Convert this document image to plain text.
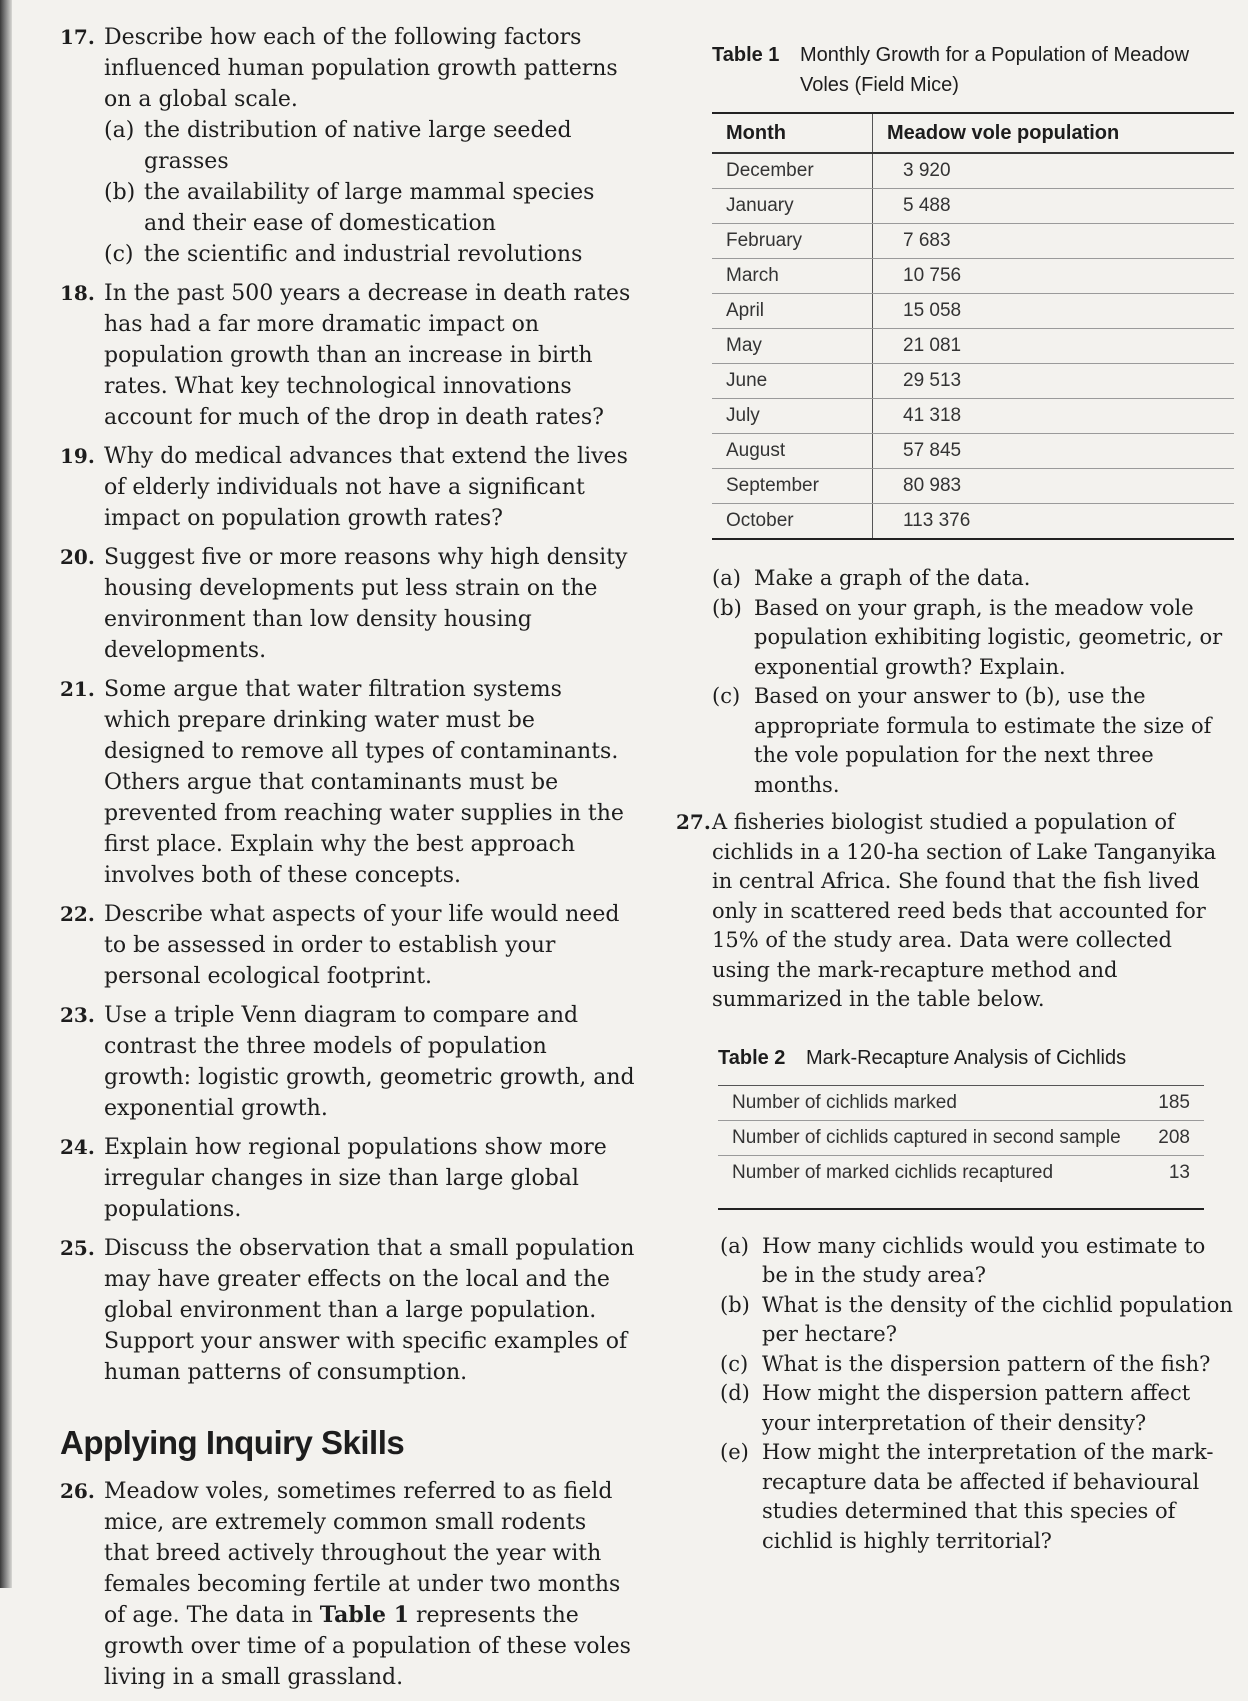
17. Describe how each of the following factors influenced human population growth patterns on a global scale.
(a) the distribution of native large seeded grasses
(b) the availability of large mammal species and their ease of domestication
(c) the scientific and industrial revolutions
18. In the past 500 years a decrease in death rates has had a far more dramatic impact on population growth than an increase in birth rates. What key technological innovations account for much of the drop in death rates?
19. Why do medical advances that extend the lives of elderly individuals not have a significant impact on population growth rates?
20. Suggest five or more reasons why high density housing developments put less strain on the environment than low density housing developments.
21. Some argue that water filtration systems which prepare drinking water must be designed to remove all types of contaminants. Others argue that contaminants must be prevented from reaching water supplies in the first place. Explain why the best approach involves both of these concepts.
22. Describe what aspects of your life would need to be assessed in order to establish your personal ecological footprint.
23. Use a triple Venn diagram to compare and contrast the three models of population growth: logistic growth, geometric growth, and exponential growth.
24. Explain how regional populations show more irregular changes in size than large global populations.
25. Discuss the observation that a small population may have greater effects on the local and the global environment than a large population. Support your answer with specific examples of human patterns of consumption.
Applying Inquiry Skills
26. Meadow voles, sometimes referred to as field mice, are extremely common small rodents that breed actively throughout the year with females becoming fertile at under two months of age. The data in Table 1 represents the growth over time of a population of these voles living in a small grassland.
Table 1 Monthly Growth for a Population of Meadow Voles (Field Mice)
Month	Meadow vole population
December	3 920
January	5 488
February	7 683
March	10 756
April	15 058
May	21 081
June	29 513
July	41 318
August	57 845
September	80 983
October	113 376
(a) Make a graph of the data.
(b) Based on your graph, is the meadow vole population exhibiting logistic, geometric, or exponential growth? Explain.
(c) Based on your answer to (b), use the appropriate formula to estimate the size of the vole population for the next three months.
27. A fisheries biologist studied a population of cichlids in a 120-ha section of Lake Tanganyika in central Africa. She found that the fish lived only in scattered reed beds that accounted for 15% of the study area. Data were collected using the mark-recapture method and summarized in the table below.
Table 2 Mark-Recapture Analysis of Cichlids
Number of cichlids marked	185
Number of cichlids captured in second sample	208
Number of marked cichlids recaptured	13
(a) How many cichlids would you estimate to be in the study area?
(b) What is the density of the cichlid population per hectare?
(c) What is the dispersion pattern of the fish?
(d) How might the dispersion pattern affect your interpretation of their density?
(e) How might the interpretation of the mark-recapture data be affected if behavioural studies determined that this species of cichlid is highly territorial?
